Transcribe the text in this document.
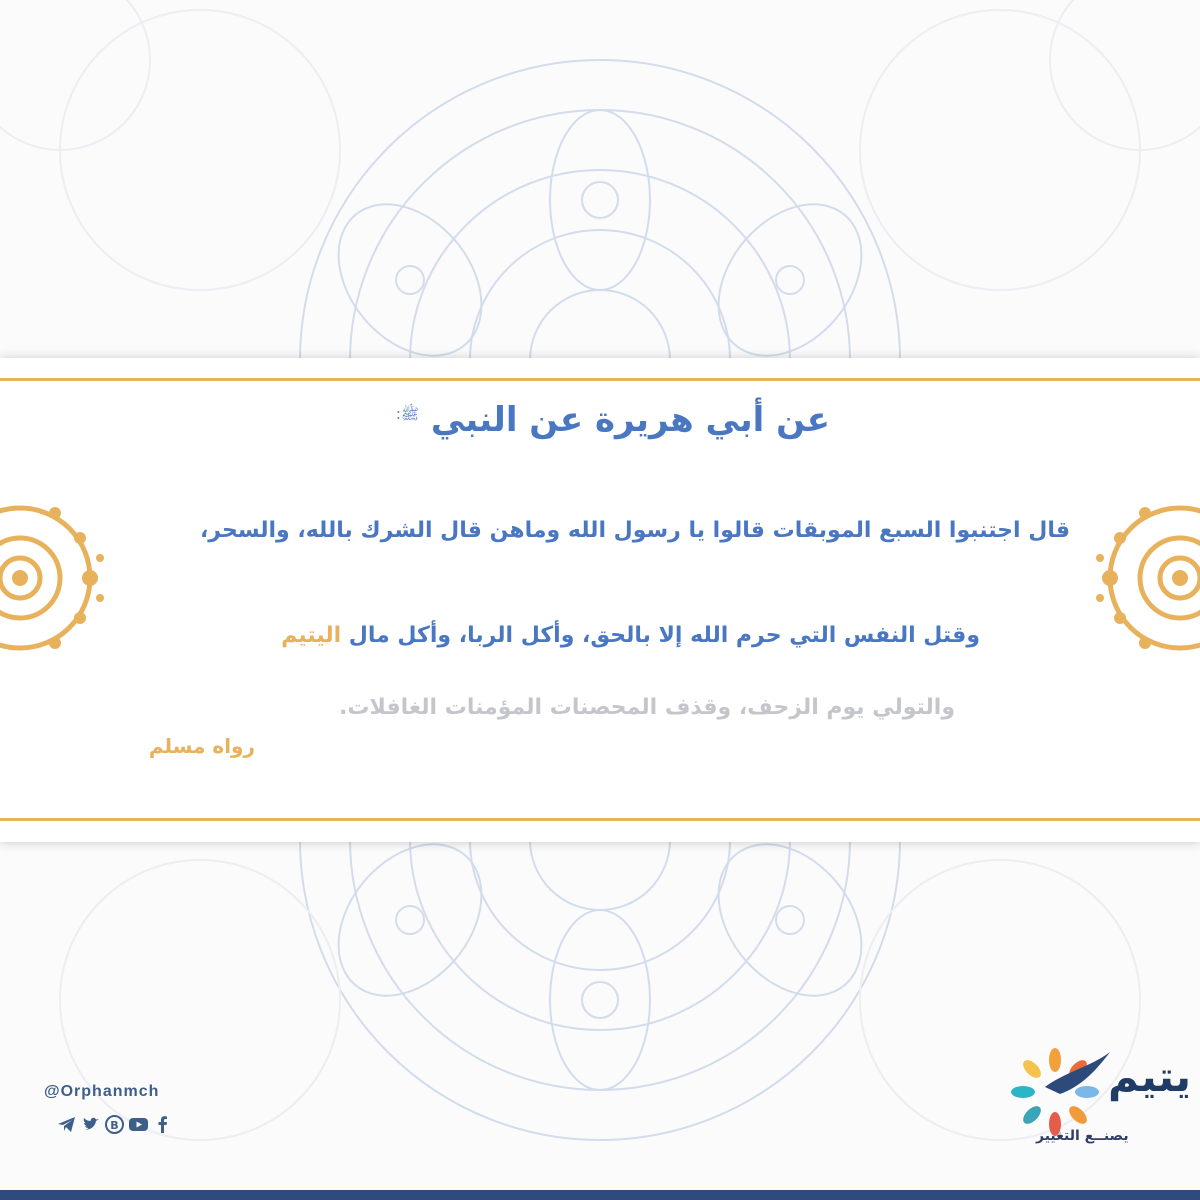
عن أبي هريرة عن النبي $^{ﷺ:}$
قال اجتنبوا السبع الموبقات قالوا يا رسول الله وماهن قال الشرك بالله، والسحر،
وقتل النفس التي حرم الله إلا بالحق، وأكل الربا، وأكل مال اليتيم
والتولي يوم الزحف، وقذف المحصنات المؤمنات الغافلات.
رواه مسلم
@Orphanmch
B
يتيم
يصنــع التغيير
